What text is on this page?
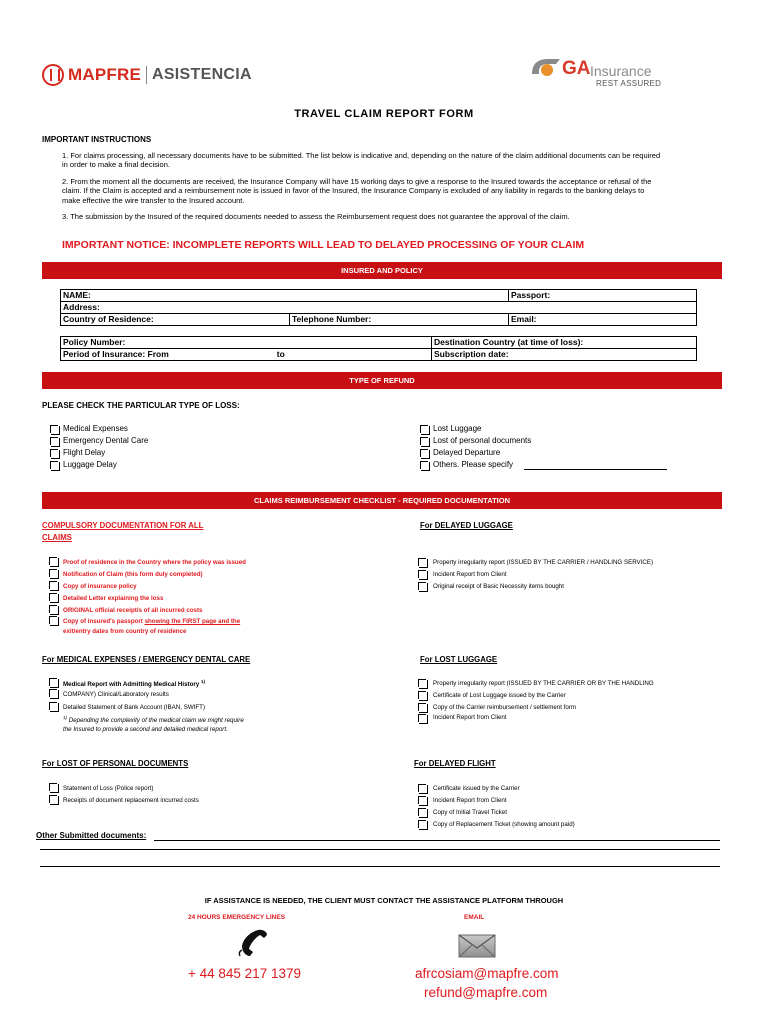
MAPFRE ASISTENCIA	GA Insurance
REST ASSURED
TRAVEL CLAIM REPORT FORM
IMPORTANT INSTRUCTIONS
1. For claims processing, all necessary documents have to be submitted. The list below is indicative and, depending on the nature of the claim additional documents can be required in order to make a final decision.
2. From the moment all the documents are received, the Insurance Company will have 15 working days to give a response to the Insured towards the acceptance or refusal of the claim. If the Claim is accepted and a reimbursement note is issued in favor of the Insured, the Insurance Company is excluded of any liability in regards to the banking delays to make effective the wire transfer to the Insured account.
3. The submission by the Insured of the required documents needed to assess the Reimbursement request does not guarantee the approval of the claim.
IMPORTANT NOTICE: INCOMPLETE REPORTS WILL LEAD TO DELAYED PROCESSING OF YOUR CLAIM
INSURED AND POLICY
NAME:		Passport:
Address:		
Country of Residence:	Telephone Number:	Email:
Policy Number:	Destination Country (at time of loss):
Period of Insurance: From to	Subscription date:
TYPE OF REFUND
PLEASE CHECK THE PARTICULAR TYPE OF LOSS:
Medical Expenses
Emergency Dental Care
Flight Delay
Luggage Delay
Lost Luggage
Lost of personal documents
Delayed Departure
Others. Please specify
CLAIMS REIMBURSEMENT CHECKLIST - REQUIRED DOCUMENTATION
COMPULSORY DOCUMENTATION FOR ALL
CLAIMS
Proof of residence in the Country where the policy was issued
Notification of Claim (this form duly completed)
Copy of insurance policy
Detailed Letter explaining the loss
ORIGINAL official receipt/s of all incurred costs
Copy of insured's passport showing the FIRST page and the
exit/entry dates from country of residence
For DELAYED LUGGAGE
Property irregularity report (ISSUED BY THE CARRIER / HANDLING SERVICE)
Incident Report from Client
Original receipt of Basic Necessity items bought
For MEDICAL EXPENSES / EMERGENCY DENTAL CARE
Medical Report with Admitting Medical History $^{1)}$
COMPANY) Clinical/Laboratory results
Detailed Statement of Bank Account (IBAN, SWIFT)
$^{1)}$ Depending the complexity of the medical claim we might require
the Insured to provide a second and detailed medical report.
For LOST LUGGAGE
Property irregularity report (ISSUED BY THE CARRIER OR BY THE HANDLING
Certificate of Lost Luggage issued by the Carrier
Copy of the Carrier reimbursement / settlement form
Incident Report from Client
For LOST OF PERSONAL DOCUMENTS
Statement of Loss (Police report)
Receipts of document replacement incurred costs
For DELAYED FLIGHT
Certificate issued by the Carrier
Incident Report from Client
Copy of Initial Travel Ticket
Copy of Replacement Ticket (showing amount paid)
Other Submitted documents:
IF ASSISTANCE IS NEEDED, THE CLIENT MUST CONTACT THE ASSISTANCE PLATFORM THROUGH
24 HOURS EMERGENCY LINES	EMAIL
+ 44 845 217 1379	afrcosiam@mapfre.com
refund@mapfre.com
